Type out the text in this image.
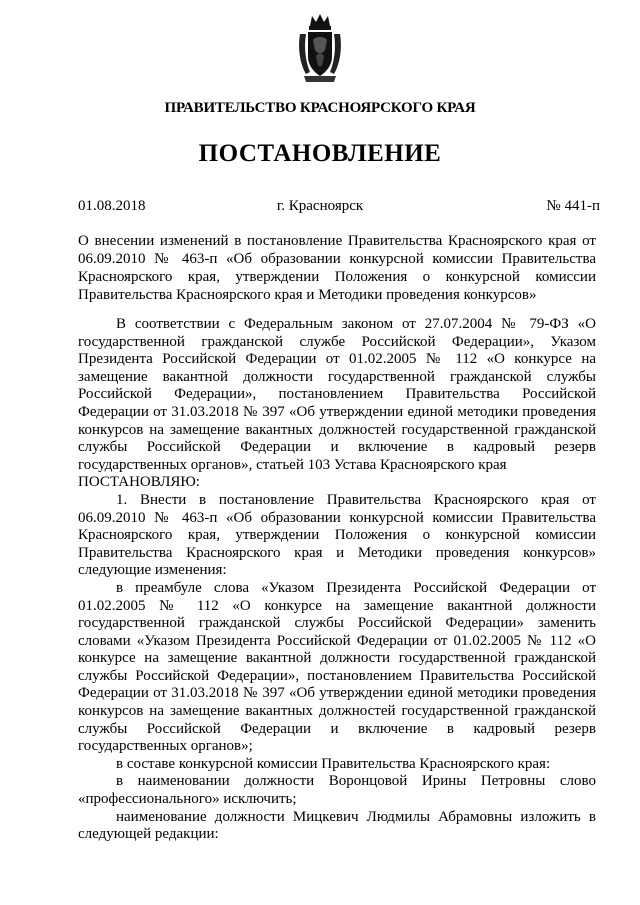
ПРАВИТЕЛЬСТВО КРАСНОЯРСКОГО КРАЯ
ПОСТАНОВЛЕНИЕ
01.08.2018	г. Красноярск	№ 441-п
О внесении изменений в постановление Правительства Красноярского края от 06.09.2010 № 463-п «Об образовании конкурсной комиссии Правительства Красноярского края, утверждении Положения о конкурсной комиссии Правительства Красноярского края и Методики проведения конкурсов»

В соответствии с Федеральным законом от 27.07.2004 № 79-ФЗ «О государственной гражданской службе Российской Федерации», Указом Президента Российской Федерации от 01.02.2005 № 112 «О конкурсе на замещение вакантной должности государственной гражданской службы Российской Федерации», постановлением Правительства Российской Федерации от 31.03.2018 № 397 «Об утверждении единой методики проведения конкурсов на замещение вакантных должностей государственной гражданской службы Российской Федерации и включение в кадровый резерв государственных органов», статьей 103 Устава Красноярского края

ПОСТАНОВЛЯЮ:

1. Внести в постановление Правительства Красноярского края от 06.09.2010 № 463-п «Об образовании конкурсной комиссии Правительства Красноярского края, утверждении Положения о конкурсной комиссии Правительства Красноярского края и Методики проведения конкурсов» следующие изменения:

в преамбуле слова «Указом Президента Российской Федерации от 01.02.2005 № 112 «О конкурсе на замещение вакантной должности государственной гражданской службы Российской Федерации» заменить словами «Указом Президента Российской Федерации от 01.02.2005 № 112 «О конкурсе на замещение вакантной должности государственной гражданской службы Российской Федерации», постановлением Правительства Российской Федерации от 31.03.2018 № 397 «Об утверждении единой методики проведения конкурсов на замещение вакантных должностей государственной гражданской службы Российской Федерации и включение в кадровый резерв государственных органов»;

в составе конкурсной комиссии Правительства Красноярского края:

в наименовании должности Воронцовой Ирины Петровны слово «профессионального» исключить;

наименование должности Мицкевич Людмилы Абрамовны изложить в следующей редакции:
